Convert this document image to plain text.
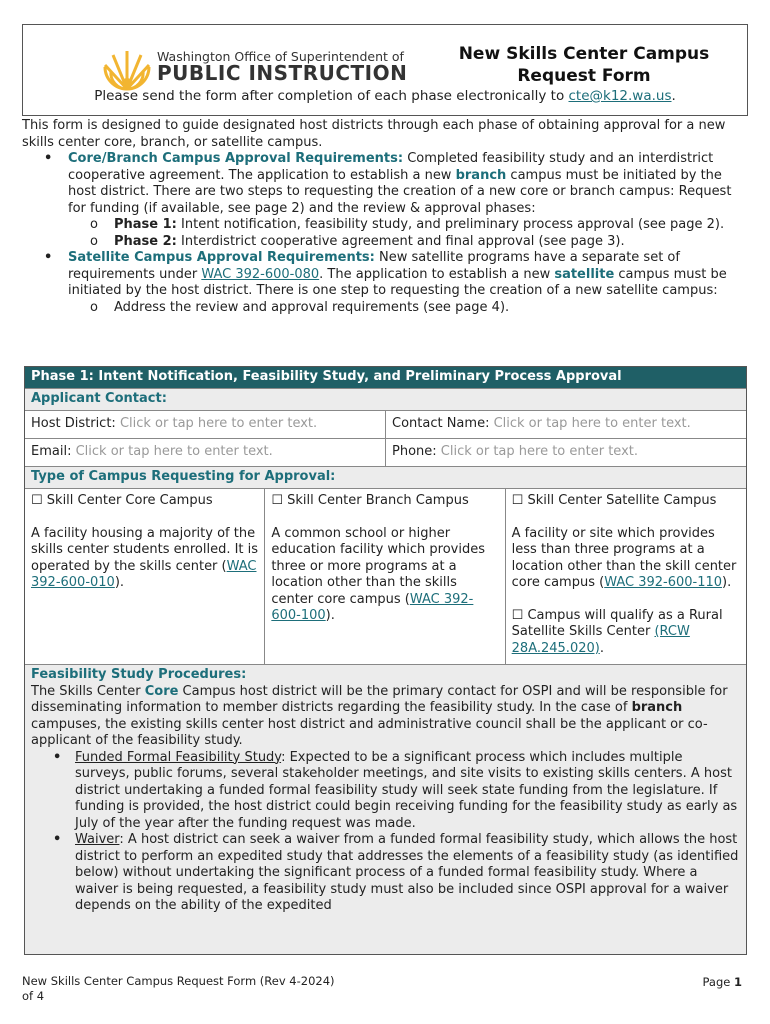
Washington Office of Superintendent of
PUBLIC INSTRUCTION
New Skills Center Campus
Request Form
Please send the form after completion of each phase electronically to cte@k12.wa.us.

This form is designed to guide designated host districts through each phase of obtaining approval for a new skills center core, branch, or satellite campus.

• Core/Branch Campus Approval Requirements: Completed feasibility study and an interdistrict cooperative agreement. The application to establish a new branch campus must be initiated by the host district. There are two steps to requesting the creation of a new core or branch campus: Request for funding (if available, see page 2) and the review & approval phases:
o Phase 1: Intent notification, feasibility study, and preliminary process approval (see page 2).
o Phase 2: Interdistrict cooperative agreement and final approval (see page 3).
• Satellite Campus Approval Requirements: New satellite programs have a separate set of requirements under WAC 392-600-080. The application to establish a new satellite campus must be initiated by the host district. There is one step to requesting the creation of a new satellite campus:
o Address the review and approval requirements (see page 4).
Phase 1: Intent Notification, Feasibility Study, and Preliminary Process Approval
Applicant Contact:
Host District: Click or tap here to enter text.	Contact Name: Click or tap here to enter text.
Email: Click or tap here to enter text.	Phone: Click or tap here to enter text.
Type of Campus Requesting for Approval:

☐ Skill Center Core Campus

A facility housing a majority of the skills center students enrolled. It is operated by the skills center (WAC 392-600-010).

☐ Skill Center Branch Campus

A common school or higher education facility which provides three or more programs at a location other than the skills center core campus (WAC 392-600-100).

☐ Skill Center Satellite Campus

A facility or site which provides less than three programs at a location other than the skill center core campus (WAC 392-600-110).

☐ Campus will qualify as a Rural Satellite Skills Center (RCW 28A.245.020).

Feasibility Study Procedures:

The Skills Center Core Campus host district will be the primary contact for OSPI and will be responsible for disseminating information to member districts regarding the feasibility study. In the case of branch campuses, the existing skills center host district and administrative council shall be the applicant or co-applicant of the feasibility study.

• Funded Formal Feasibility Study: Expected to be a significant process which includes multiple surveys, public forums, several stakeholder meetings, and site visits to existing skills centers. A host district undertaking a funded formal feasibility study will seek state funding from the legislature. If funding is provided, the host district could begin receiving funding for the feasibility study as early as July of the year after the funding request was made.
• Waiver: A host district can seek a waiver from a funded formal feasibility study, which allows the host district to perform an expedited study that addresses the elements of a feasibility study (as identified below) without undertaking the significant process of a funded formal feasibility study. Where a waiver is being requested, a feasibility study must also be included since OSPI approval for a waiver depends on the ability of the expedited
New Skills Center Campus Request Form (Rev 4-2024) of 4
Page 1
